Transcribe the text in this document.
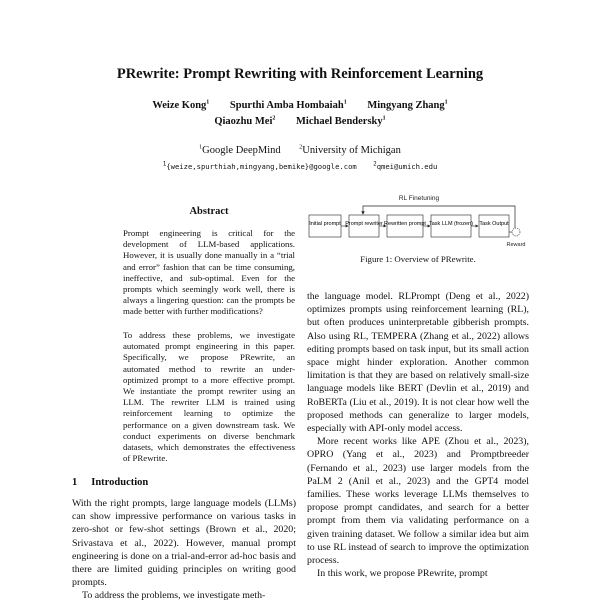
PRewrite: Prompt Rewriting with Reinforcement Learning
Weize Kong$^1$ Spurthi Amba Hombaiah$^1$ Mingyang Zhang$^1$
Qiaozhu Mei$^2$ Michael Bendersky$^1$
$^1$Google DeepMind	$^2$University of Michigan
$^1${weize,spurthiah,mingyang,bemike}@google.com	$^2$qmei@umich.edu
Abstract

Prompt engineering is critical for the development of LLM-based applications. However, it is usually done manually in a “trial and error” fashion that can be time consuming, ineffective, and sub-optimal. Even for the prompts which seemingly work well, there is always a lingering question: can the prompts be made better with further modifications?

To address these problems, we investigate automated prompt engineering in this paper. Specifically, we propose PRewrite, an automated method to rewrite an under-optimized prompt to a more effective prompt. We instantiate the prompt rewriter using an LLM. The rewriter LLM is trained using reinforcement learning to optimize the performance on a given downstream task. We conduct experiments on diverse benchmark datasets, which demonstrates the effectiveness of PRewrite.

1 Introduction

With the right prompts, large language models (LLMs) can show impressive performance on various tasks in zero-shot or few-shot settings (Brown et al., 2020; Srivastava et al., 2022). However, manual prompt engineering is done on a trial-and-error ad-hoc basis and there are limited guiding principles on writing good prompts.

To address the problems, we investigate meth-

RL Finetuning
Initial prompt Prompt rewriter Rewritten prompt Task LLM (frozen) Task Output
Reward
Figure 1: Overview of PRewrite.

the language model. RLPrompt (Deng et al., 2022) optimizes prompts using reinforcement learning (RL), but often produces uninterpretable gibberish prompts. Also using RL, TEMPERA (Zhang et al., 2022) allows editing prompts based on task input, but its small action space might hinder exploration. Another common limitation is that they are based on relatively small-size language models like BERT (Devlin et al., 2019) and RoBERTa (Liu et al., 2019). It is not clear how well the proposed methods can generalize to larger models, especially with API-only model access.

More recent works like APE (Zhou et al., 2023), OPRO (Yang et al., 2023) and Promptbreeder (Fernando et al., 2023) use larger models from the PaLM 2 (Anil et al., 2023) and the GPT4 model families. These works leverage LLMs themselves to propose prompt candidates, and search for a better prompt from them via validating performance on a given training dataset. We follow a similar idea but aim to use RL instead of search to improve the optimization process.

In this work, we propose PRewrite, prompt
